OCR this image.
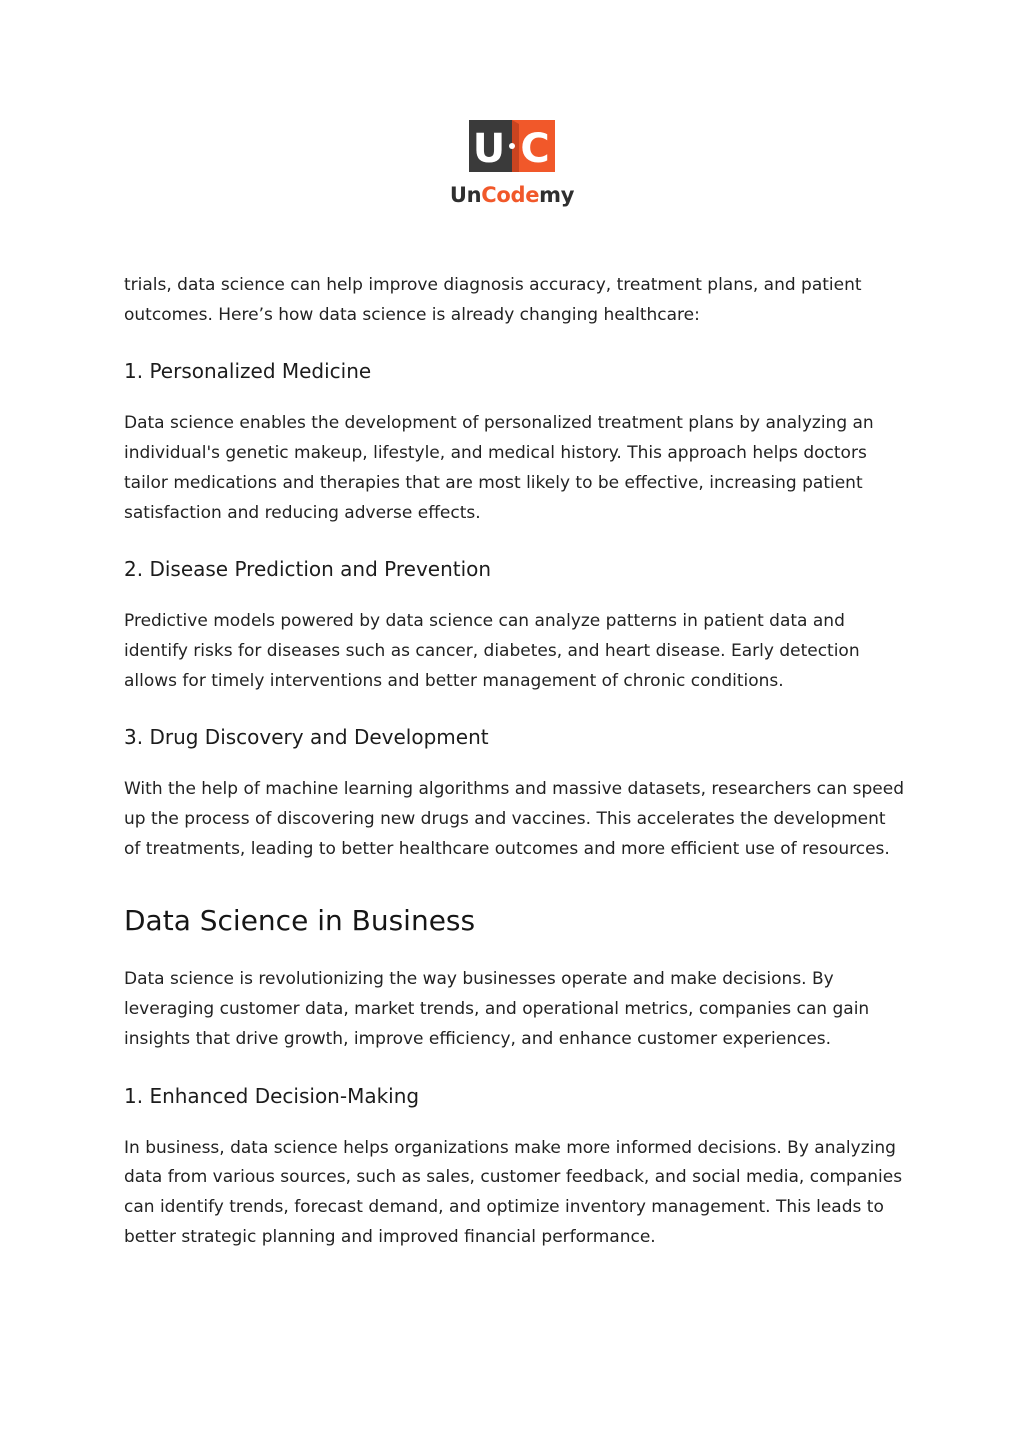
U C
UnCodemy

trials, data science can help improve diagnosis accuracy, treatment plans, and patient outcomes. Here’s how data science is already changing healthcare:

1. Personalized Medicine

Data science enables the development of personalized treatment plans by analyzing an individual's genetic makeup, lifestyle, and medical history. This approach helps doctors tailor medications and therapies that are most likely to be effective, increasing patient satisfaction and reducing adverse effects.

2. Disease Prediction and Prevention

Predictive models powered by data science can analyze patterns in patient data and identify risks for diseases such as cancer, diabetes, and heart disease. Early detection allows for timely interventions and better management of chronic conditions.

3. Drug Discovery and Development

With the help of machine learning algorithms and massive datasets, researchers can speed up the process of discovering new drugs and vaccines. This accelerates the development of treatments, leading to better healthcare outcomes and more efficient use of resources.

Data Science in Business

Data science is revolutionizing the way businesses operate and make decisions. By leveraging customer data, market trends, and operational metrics, companies can gain insights that drive growth, improve efficiency, and enhance customer experiences.

1. Enhanced Decision-Making

In business, data science helps organizations make more informed decisions. By analyzing data from various sources, such as sales, customer feedback, and social media, companies can identify trends, forecast demand, and optimize inventory management. This leads to better strategic planning and improved financial performance.
